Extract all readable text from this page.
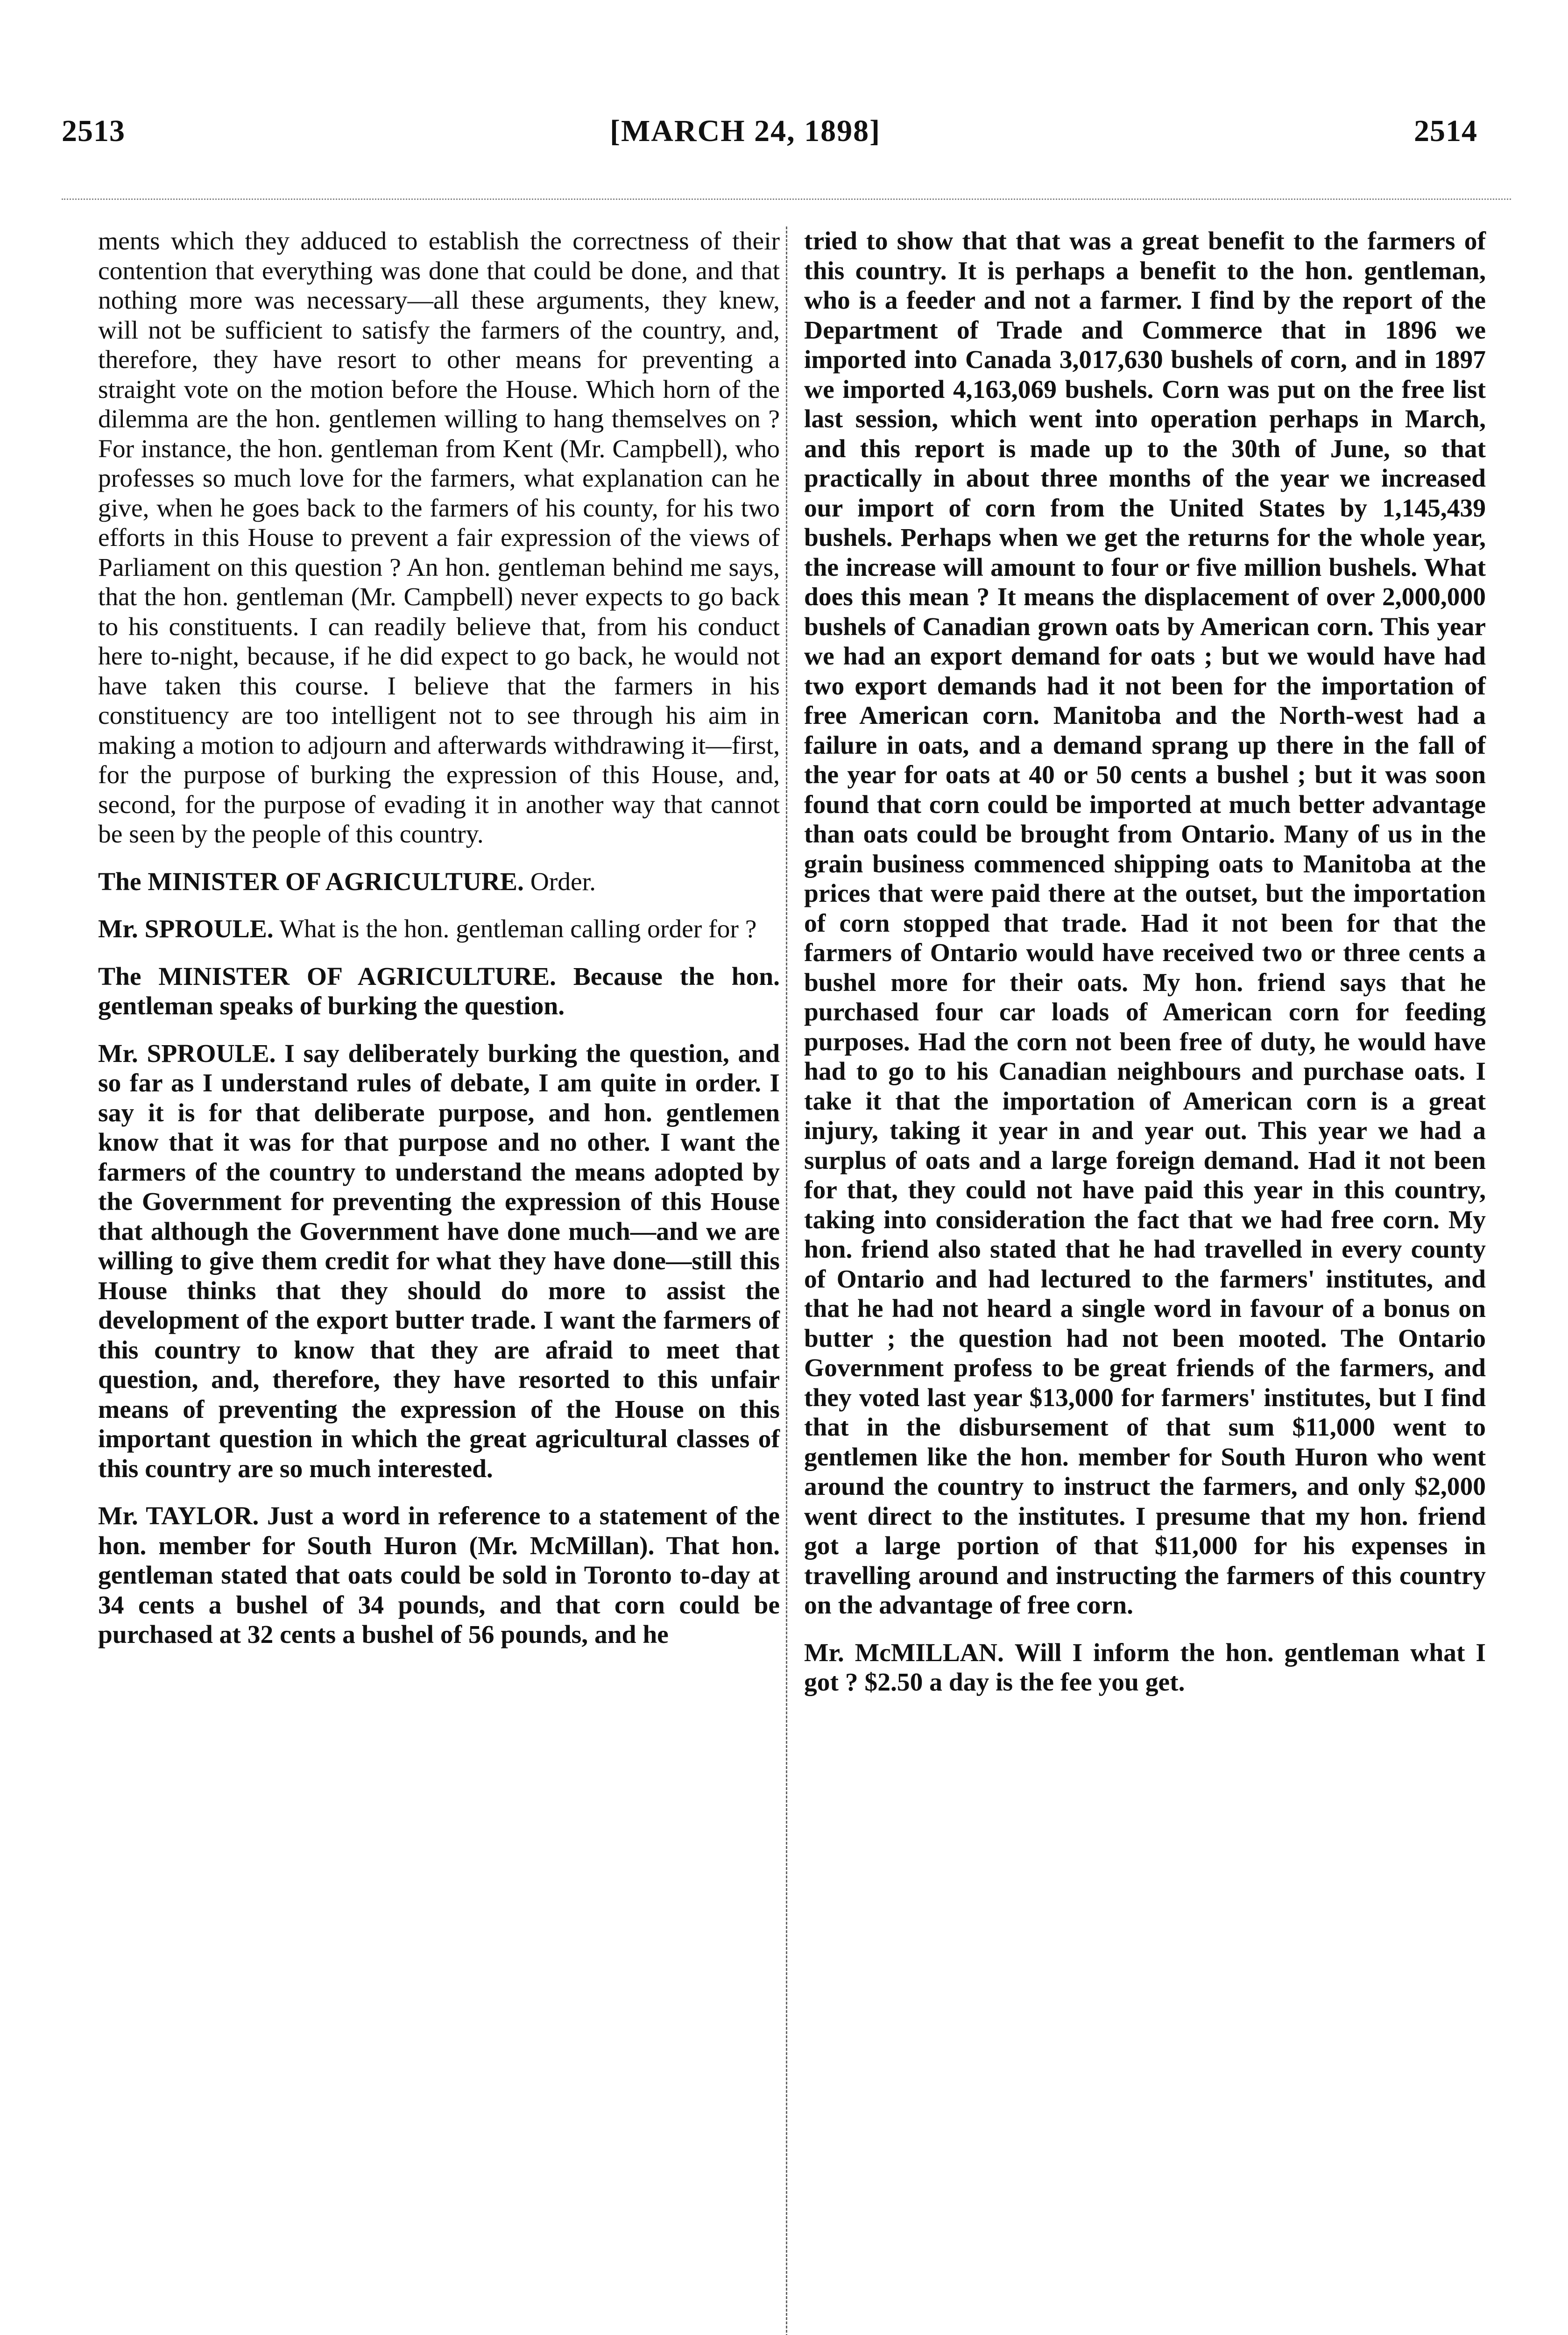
2513	[MARCH 24, 1898]	2514

ments which they adduced to establish the correctness of their contention that everything was done that could be done, and that nothing more was necessary—all these arguments, they knew, will not be sufficient to satisfy the farmers of the country, and, therefore, they have resort to other means for preventing a straight vote on the motion before the House. Which horn of the dilemma are the hon. gentlemen willing to hang themselves on ? For instance, the hon. gentleman from Kent (Mr. Campbell), who professes so much love for the farmers, what explanation can he give, when he goes back to the farmers of his county, for his two efforts in this House to prevent a fair expression of the views of Parliament on this question ? An hon. gentleman behind me says, that the hon. gentleman (Mr. Campbell) never expects to go back to his constituents. I can readily believe that, from his conduct here to-night, because, if he did expect to go back, he would not have taken this course. I believe that the farmers in his constituency are too intelligent not to see through his aim in making a motion to adjourn and afterwards withdrawing it—first, for the purpose of burking the expression of this House, and, second, for the purpose of evading it in another way that cannot be seen by the people of this country.

The MINISTER OF AGRICULTURE. Order.

Mr. SPROULE. What is the hon. gentleman calling order for ?

The MINISTER OF AGRICULTURE. Because the hon. gentleman speaks of burking the question.

Mr. SPROULE. I say deliberately burking the question, and so far as I understand rules of debate, I am quite in order. I say it is for that deliberate purpose, and hon. gentlemen know that it was for that purpose and no other. I want the farmers of the country to understand the means adopted by the Government for preventing the expression of this House that although the Government have done much—and we are willing to give them credit for what they have done—still this House thinks that they should do more to assist the development of the export butter trade. I want the farmers of this country to know that they are afraid to meet that question, and, therefore, they have resorted to this unfair means of preventing the expression of the House on this important question in which the great agricultural classes of this country are so much interested.

Mr. TAYLOR. Just a word in reference to a statement of the hon. member for South Huron (Mr. McMillan). That hon. gentleman stated that oats could be sold in Toronto to-day at 34 cents a bushel of 34 pounds, and that corn could be purchased at 32 cents a bushel of 56 pounds, and he

tried to show that that was a great benefit to the farmers of this country. It is perhaps a benefit to the hon. gentleman, who is a feeder and not a farmer. I find by the report of the Department of Trade and Commerce that in 1896 we imported into Canada 3,017,630 bushels of corn, and in 1897 we imported 4,163,069 bushels. Corn was put on the free list last session, which went into operation perhaps in March, and this report is made up to the 30th of June, so that practically in about three months of the year we increased our import of corn from the United States by 1,145,439 bushels. Perhaps when we get the returns for the whole year, the increase will amount to four or five million bushels. What does this mean ? It means the displacement of over 2,000,000 bushels of Canadian grown oats by American corn. This year we had an export demand for oats ; but we would have had two export demands had it not been for the importation of free American corn. Manitoba and the North-west had a failure in oats, and a demand sprang up there in the fall of the year for oats at 40 or 50 cents a bushel ; but it was soon found that corn could be imported at much better advantage than oats could be brought from Ontario. Many of us in the grain business commenced shipping oats to Manitoba at the prices that were paid there at the outset, but the importation of corn stopped that trade. Had it not been for that the farmers of Ontario would have received two or three cents a bushel more for their oats. My hon. friend says that he purchased four car loads of American corn for feeding purposes. Had the corn not been free of duty, he would have had to go to his Canadian neighbours and purchase oats. I take it that the importation of American corn is a great injury, taking it year in and year out. This year we had a surplus of oats and a large foreign demand. Had it not been for that, they could not have paid this year in this country, taking into consideration the fact that we had free corn. My hon. friend also stated that he had travelled in every county of Ontario and had lectured to the farmers' institutes, and that he had not heard a single word in favour of a bonus on butter ; the question had not been mooted. The Ontario Government profess to be great friends of the farmers, and they voted last year $13,000 for farmers' institutes, but I find that in the disbursement of that sum $11,000 went to gentlemen like the hon. member for South Huron who went around the country to instruct the farmers, and only $2,000 went direct to the institutes. I presume that my hon. friend got a large portion of that $11,000 for his expenses in travelling around and instructing the farmers of this country on the advantage of free corn.

Mr. McMILLAN. Will I inform the hon. gentleman what I got ? $2.50 a day is the fee you get.
